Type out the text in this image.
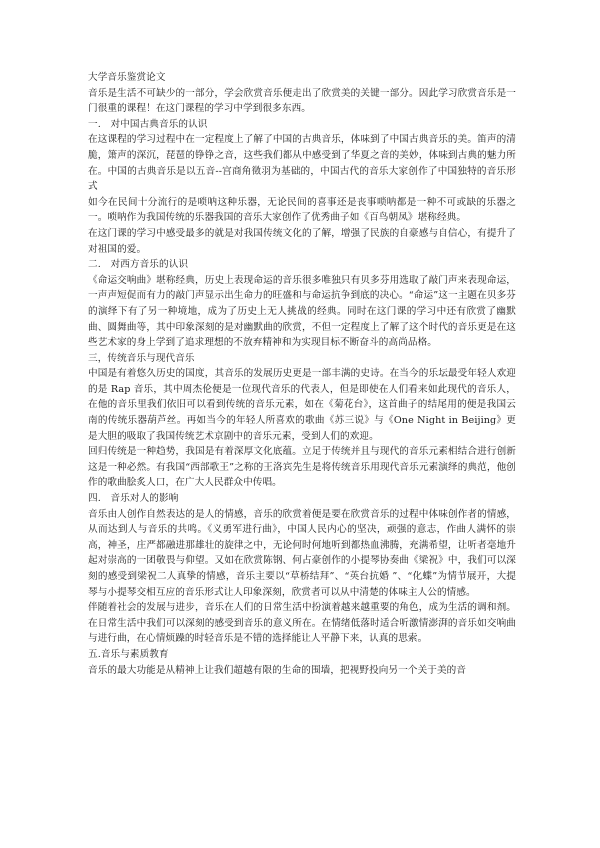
大学音乐鉴赏论文

音乐是生活不可缺少的一部分，学会欣赏音乐便走出了欣赏美的关键一部分。因此学习欣赏音乐是一门很重的课程！在这门课程的学习中学到很多东西。

一.　对中国古典音乐的认识

在这课程的学习过程中在一定程度上了解了中国的古典音乐，体味到了中国古典音乐的美。笛声的清脆，箫声的深沉，琵琶的铮铮之音，这些我们都从中感受到了华夏之音的美妙，体味到古典的魅力所在。中国的古典音乐是以五音--宫商角徵羽为基础的，中国古代的音乐大家创作了中国独特的音乐形式

如今在民间十分流行的是唢呐这种乐器，无论民间的喜事还是丧事唢呐都是一种不可或缺的乐器之一。唢呐作为我国传统的乐器我国的音乐大家创作了优秀曲子如《百鸟朝凤》堪称经典。

在这门课的学习中感受最多的就是对我国传统文化的了解，增强了民族的自豪感与自信心，有提升了对祖国的爱。

二.　对西方音乐的认识

《命运交响曲》堪称经典，历史上表现命运的音乐很多唯独只有贝多芬用选取了敲门声来表现命运，一声声短促而有力的敲门声显示出生命力的旺盛和与命运抗争到底的决心。“命运”这一主题在贝多芬的演绎下有了另一种境地，成为了历史上无人挑战的经典。同时在这门课的学习中还有欣赏了幽默曲、圆舞曲等，其中印象深刻的是对幽默曲的欣赏，不但一定程度上了解了这个时代的音乐更是在这些艺术家的身上学到了追求理想的不放弃精神和为实现目标不断奋斗的高尚品格。

三，传统音乐与现代音乐

中国是有着悠久历史的国度，其音乐的发展历史更是一部丰满的史诗。在当今的乐坛最受年轻人欢迎的是 Rap 音乐，其中周杰伦便是一位现代音乐的代表人，但是即使在人们看来如此现代的音乐人，在他的音乐里我们依旧可以看到传统的音乐元素，如在《菊花台》，这首曲子的结尾用的便是我国云南的传统乐器葫芦丝。再如当今的年轻人所喜欢的歌曲《苏三说》与《One Night in Beijing》更是大胆的吸取了我国传统艺术京剧中的音乐元素，受到人们的欢迎。

回归传统是一种趋势，我国是有着深厚文化底蕴。立足于传统并且与现代的音乐元素相结合进行创新这是一种必然。有我国“西部歌王”之称的王洛宾先生是将传统音乐用现代音乐元素演绎的典范，他创作的歌曲脍炙人口，在广大人民群众中传唱。

四.　音乐对人的影响

音乐由人创作自然表达的是人的情感，音乐的欣赏着便是要在欣赏音乐的过程中体味创作者的情感，从而达到人与音乐的共鸣。《义勇军进行曲》，中国人民内心的坚决，顽强的意志，作曲人满怀的崇高，神圣，庄严都融进那雄壮的旋律之中，无论何时何地听到都热血沸腾，充满希望，让听者毫地升起对崇高的一团敬畏与仰望。又如在欣赏陈钢、何占豪创作的小提琴协奏曲《梁祝》中，我们可以深刻的感受到梁祝二人真挚的情感，音乐主要以“草桥结拜”、“英台抗婚 ”、“化蝶”为情节展开，大提琴与小提琴交相互应的音乐形式让人印象深刻，欣赏者可以从中清楚的体味主人公的情感。

伴随着社会的发展与进步，音乐在人们的日常生活中扮演着越来越重要的角色，成为生活的调和剂。在日常生活中我们可以深刻的感受到音乐的意义所在。在情绪低落时适合听激情澎湃的音乐如交响曲与进行曲，在心情烦躁的时轻音乐是不错的选择能让人平静下来，认真的思索。

五.音乐与素质教育

音乐的最大功能是从精神上让我们超越有限的生命的围墙，把视野投向另一个关于美的音
